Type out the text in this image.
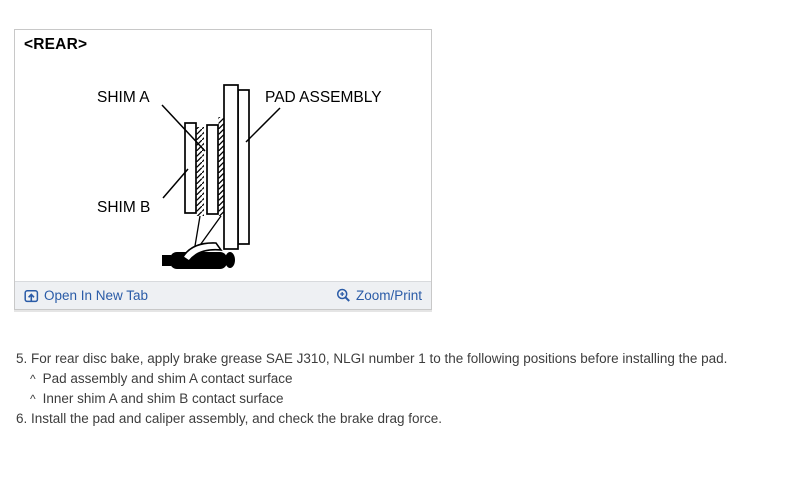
SHIM A	PAD ASSEMBLY
SHIM B
<REAR>
Open In New Tab	Zoom/Print
5. For rear disc bake, apply brake grease SAE J310, NLGI number 1 to the following positions before installing the pad.
^ Pad assembly and shim A contact surface
^ Inner shim A and shim B contact surface
6. Install the pad and caliper assembly, and check the brake drag force.
